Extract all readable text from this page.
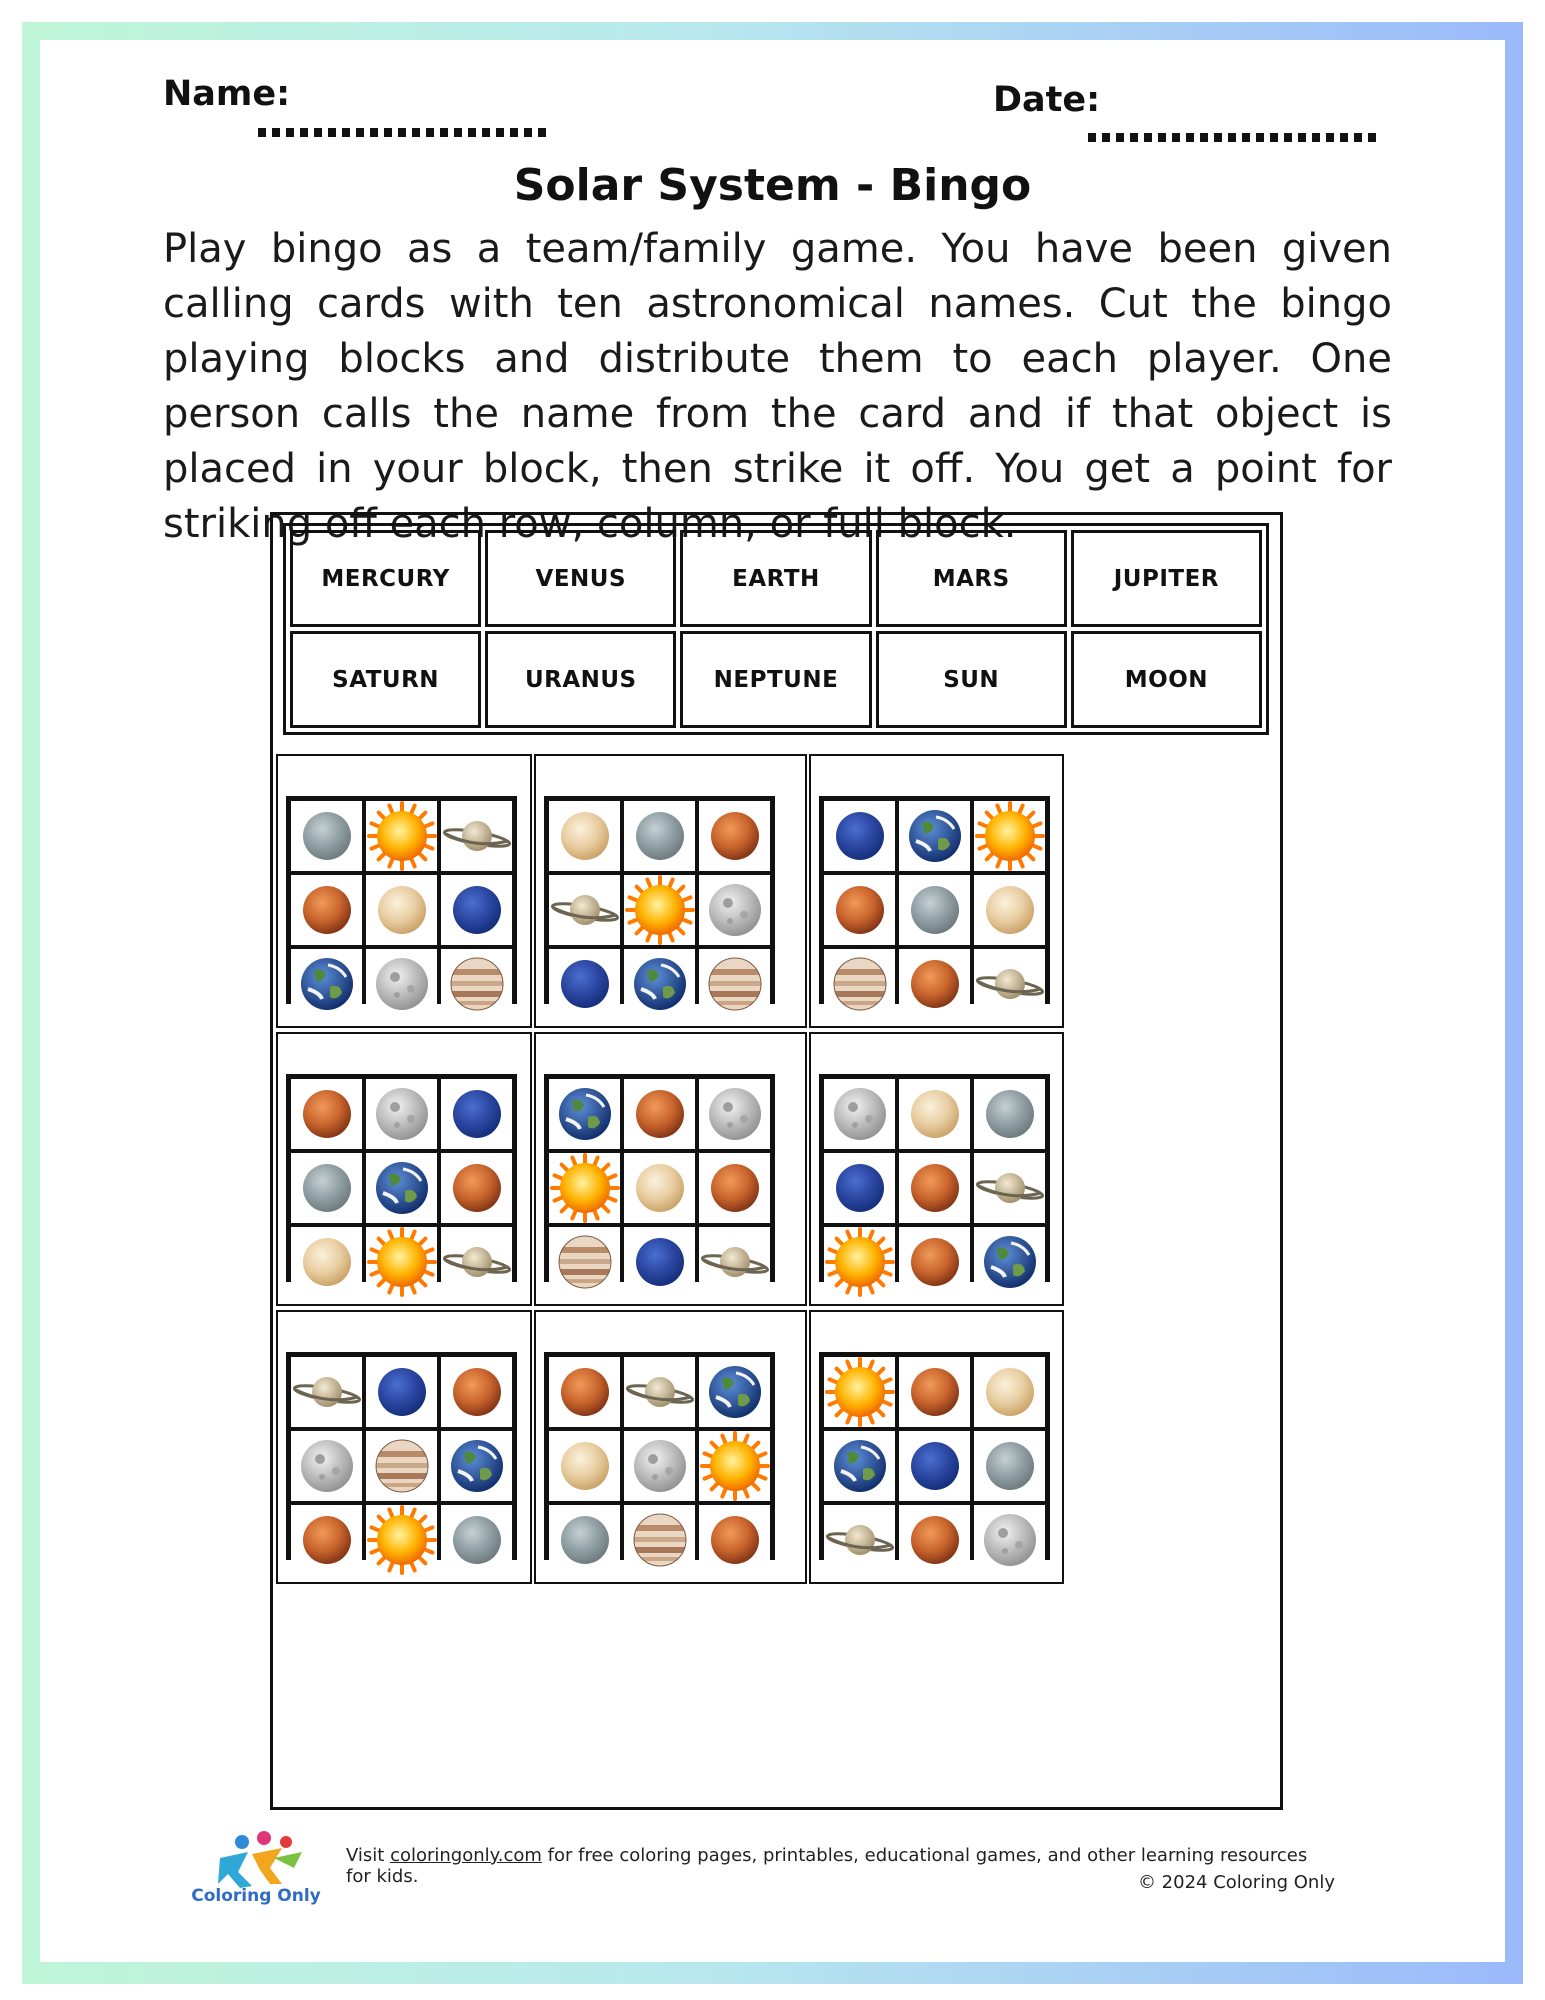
Name:	Date:
Solar System - Bingo
Play bingo as a team/family game. You have been given calling cards with ten astronomical names. Cut the bingo playing blocks and distribute them to each player. One person calls the name from the card and if that object is placed in your block, then strike it off. You get a point for striking off each row, column, or full block.
MERCURY	VENUS	EARTH	MARS	JUPITER
SATURN	URANUS	NEPTUNE	SUN	MOON
Coloring Only
Visit coloringonly.com for free coloring pages, printables, educational games, and other learning resources for kids.	© 2024 Coloring Only
